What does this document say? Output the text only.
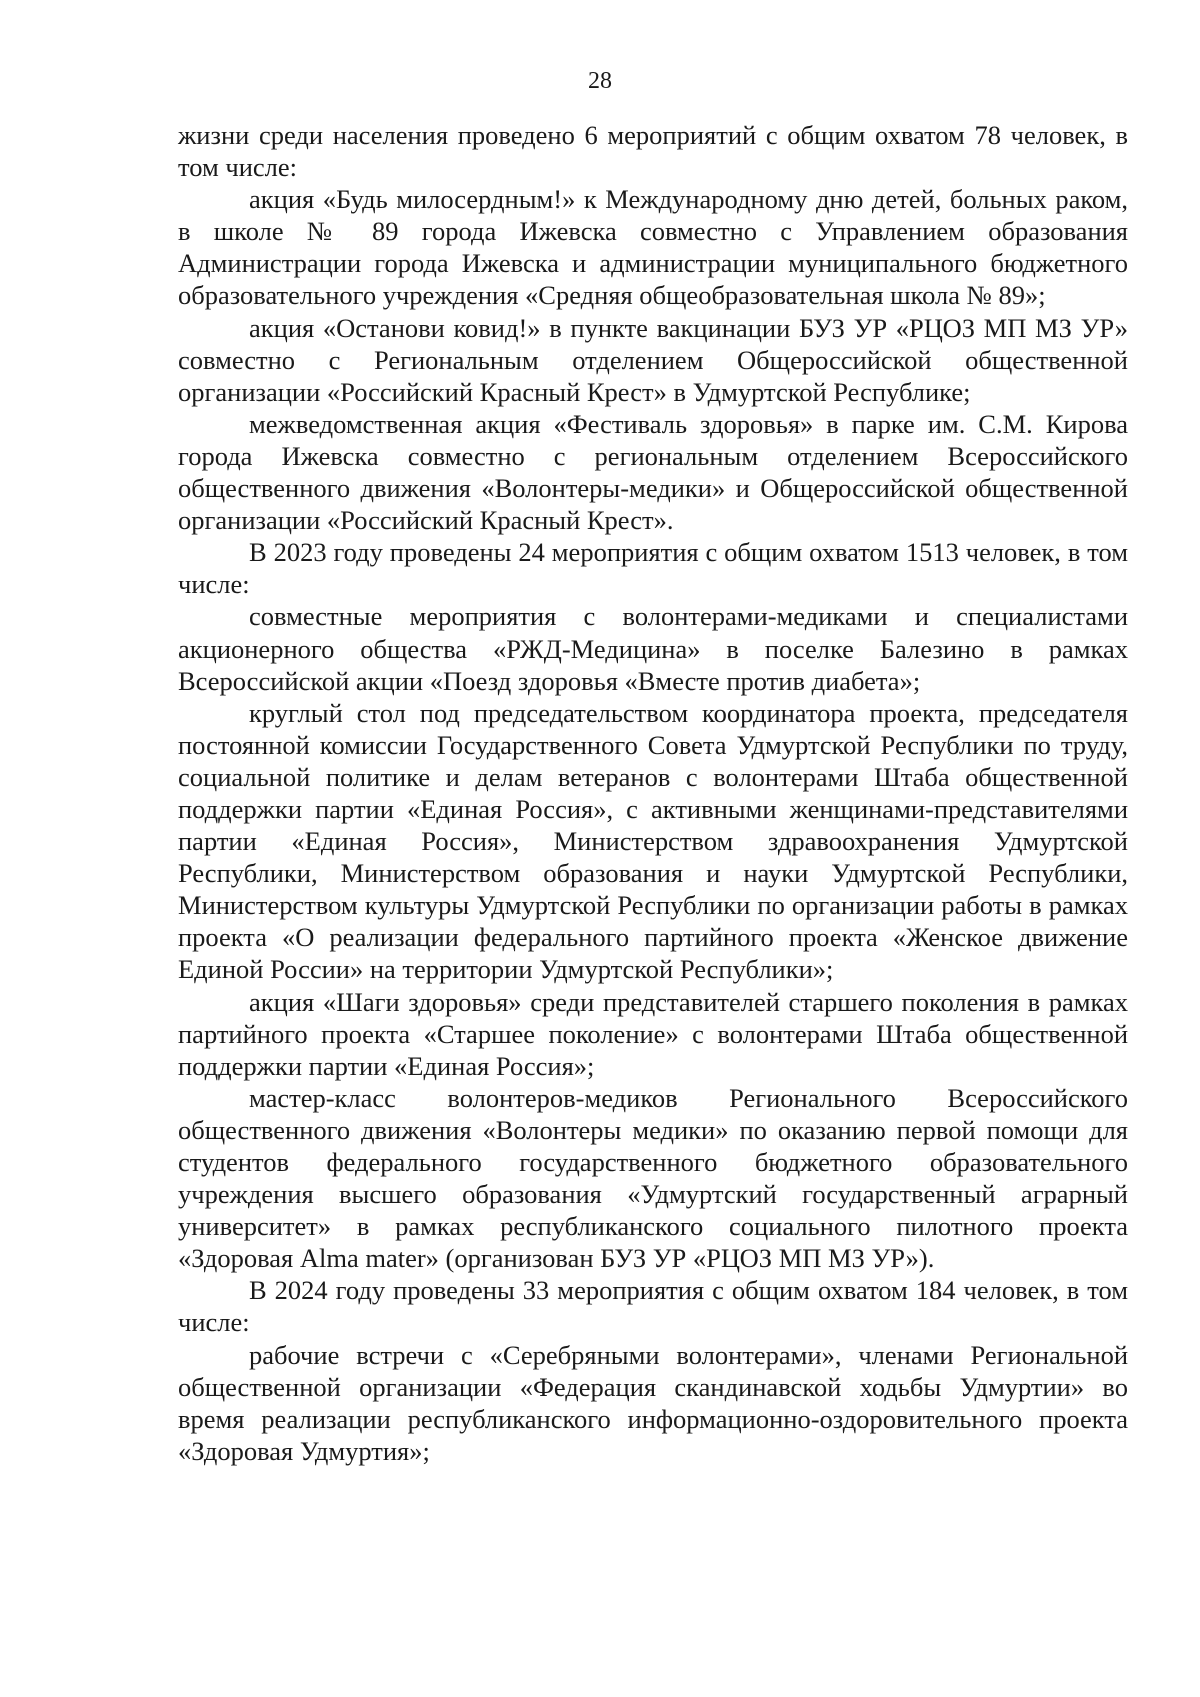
28

жизни среди населения проведено 6 мероприятий с общим охватом 78 человек, в том числе:

акция «Будь милосердным!» к Международному дню детей, больных раком, в школе № 89 города Ижевска совместно с Управлением образования Администрации города Ижевска и администрации муниципального бюджетного образовательного учреждения «Средняя общеобразовательная школа № 89»;

акция «Останови ковид!» в пункте вакцинации БУЗ УР «РЦОЗ МП МЗ УР» совместно с Региональным отделением Общероссийской общественной организации «Российский Красный Крест» в Удмуртской Республике;

межведомственная акция «Фестиваль здоровья» в парке им. С.М. Кирова города Ижевска совместно с региональным отделением Всероссийского общественного движения «Волонтеры-медики» и Общероссийской общественной организации «Российский Красный Крест».

В 2023 году проведены 24 мероприятия с общим охватом 1513 человек, в том числе:

совместные мероприятия с волонтерами-медиками и специалистами акционерного общества «РЖД-Медицина» в поселке Балезино в рамках Всероссийской акции «Поезд здоровья «Вместе против диабета»;

круглый стол под председательством координатора проекта, председателя постоянной комиссии Государственного Совета Удмуртской Республики по труду, социальной политике и делам ветеранов с волонтерами Штаба общественной поддержки партии «Единая Россия», с активными женщинами-представителями партии «Единая Россия», Министерством здравоохранения Удмуртской Республики, Министерством образования и науки Удмуртской Республики, Министерством культуры Удмуртской Республики по организации работы в рамках проекта «О реализации федерального партийного проекта «Женское движение Единой России» на территории Удмуртской Республики»;

акция «Шаги здоровья» среди представителей старшего поколения в рамках партийного проекта «Старшее поколение» с волонтерами Штаба общественной поддержки партии «Единая Россия»;

мастер-класс волонтеров-медиков Регионального Всероссийского общественного движения «Волонтеры медики» по оказанию первой помощи для студентов федерального государственного бюджетного образовательного учреждения высшего образования «Удмуртский государственный аграрный университет» в рамках республиканского социального пилотного проекта «Здоровая Alma mater» (организован БУЗ УР «РЦОЗ МП МЗ УР»).

В 2024 году проведены 33 мероприятия с общим охватом 184 человек, в том числе:

рабочие встречи с «Серебряными волонтерами», членами Региональной общественной организации «Федерация скандинавской ходьбы Удмуртии» во время реализации республиканского информационно-оздоровительного проекта «Здоровая Удмуртия»;
